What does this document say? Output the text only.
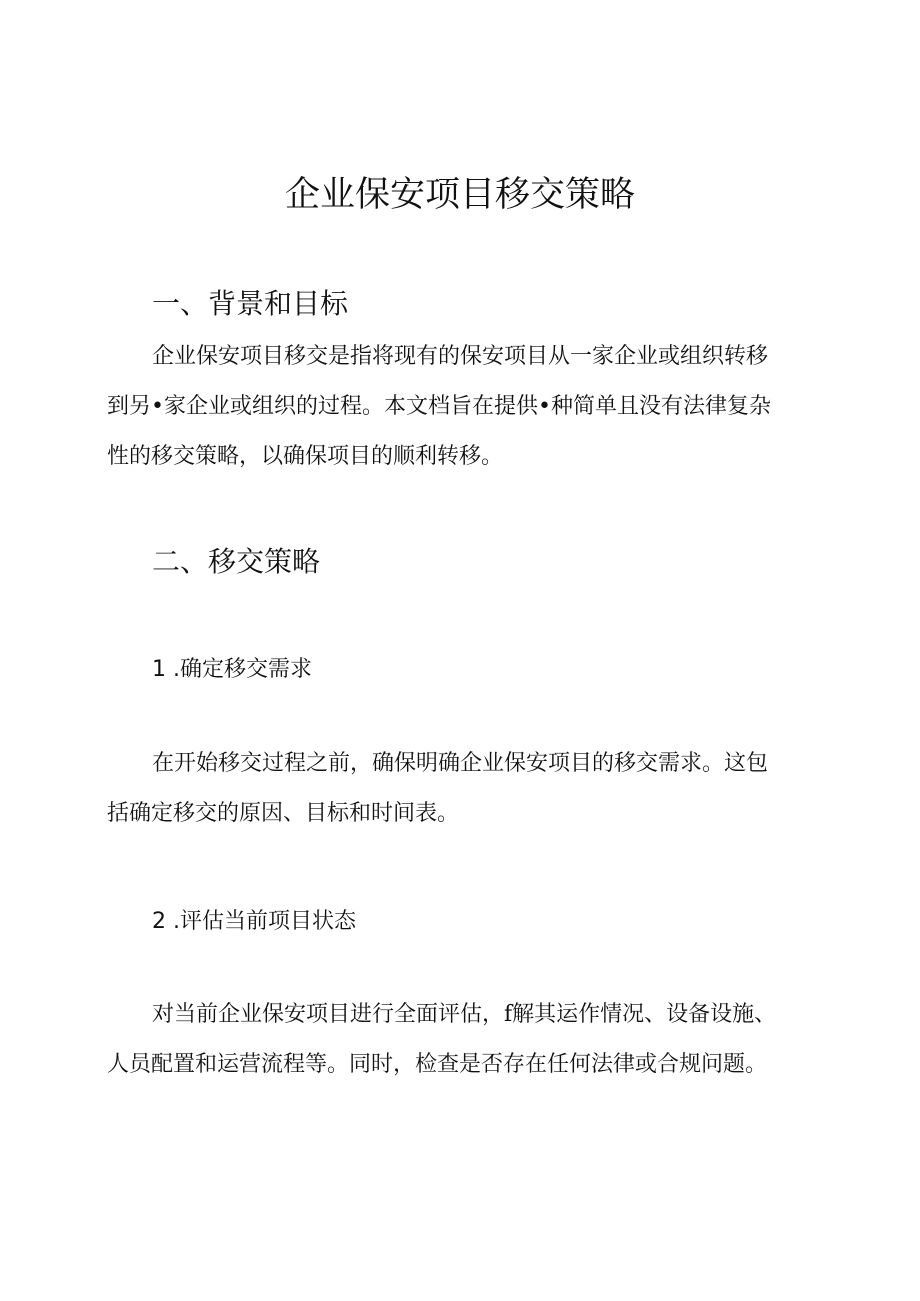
企业保安项目移交策略
一、背景和目标
企业保安项目移交是指将现有的保安项目从一家企业或组织转移
到另•家企业或组织的过程。本文档旨在提供•种简单且没有法律复杂
性的移交策略，以确保项目的顺利转移。
二、移交策略
1 .确定移交需求
在开始移交过程之前，确保明确企业保安项目的移交需求。这包
括确定移交的原因、目标和时间表。
2 .评估当前项目状态
对当前企业保安项目进行全面评估，f解其运作情况、设备设施、
人员配置和运营流程等。同时，检查是否存在任何法律或合规问题。
